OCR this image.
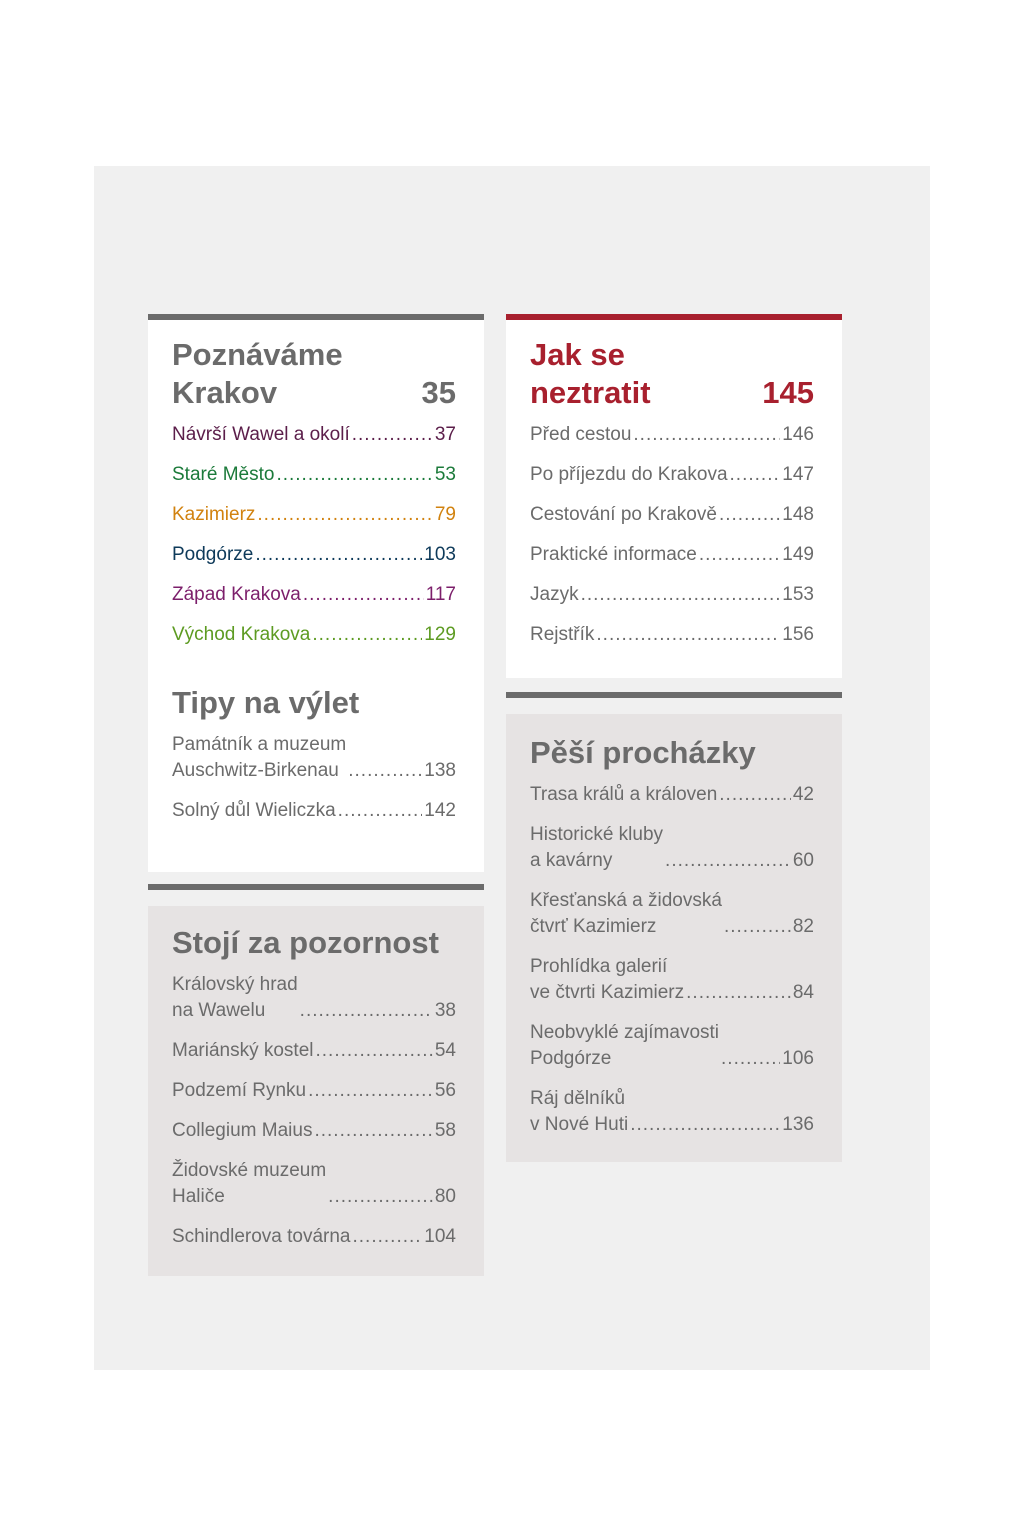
Poznáváme
Krakov	35
Návrší Wawel a okolí .....	37
Staré Město .....	53
Kazimierz .....	79
Podgórze .....	103
Západ Krakova .....	117
Východ Krakova .....	129
Tipy na výlet
Památník a muzeum
Auschwitz-Birkenau .....	138
Solný důl Wieliczka .....	142
Stojí za pozornost
Královský hrad
na Wawelu .....	38
Mariánský kostel .....	54
Podzemí Rynku .....	56
Collegium Maius .....	58
Židovské muzeum
Haliče .....	80
Schindlerova továrna .....	104
Jak se
neztratit	145
Před cestou .....	146
Po příjezdu do Krakova .....	147
Cestování po Krakově .....	148
Praktické informace .....	149
Jazyk .....	153
Rejstřík .....	156
Pěší procházky
Trasa králů a královen .....	42
Historické kluby
a kavárny .....	60
Křesťanská a židovská
čtvrť Kazimierz .....	82
Prohlídka galerií
ve čtvrti Kazimierz .....	84
Neobvyklé zajímavosti
Podgórze .....	106
Ráj dělníků
v Nové Huti .....	136
